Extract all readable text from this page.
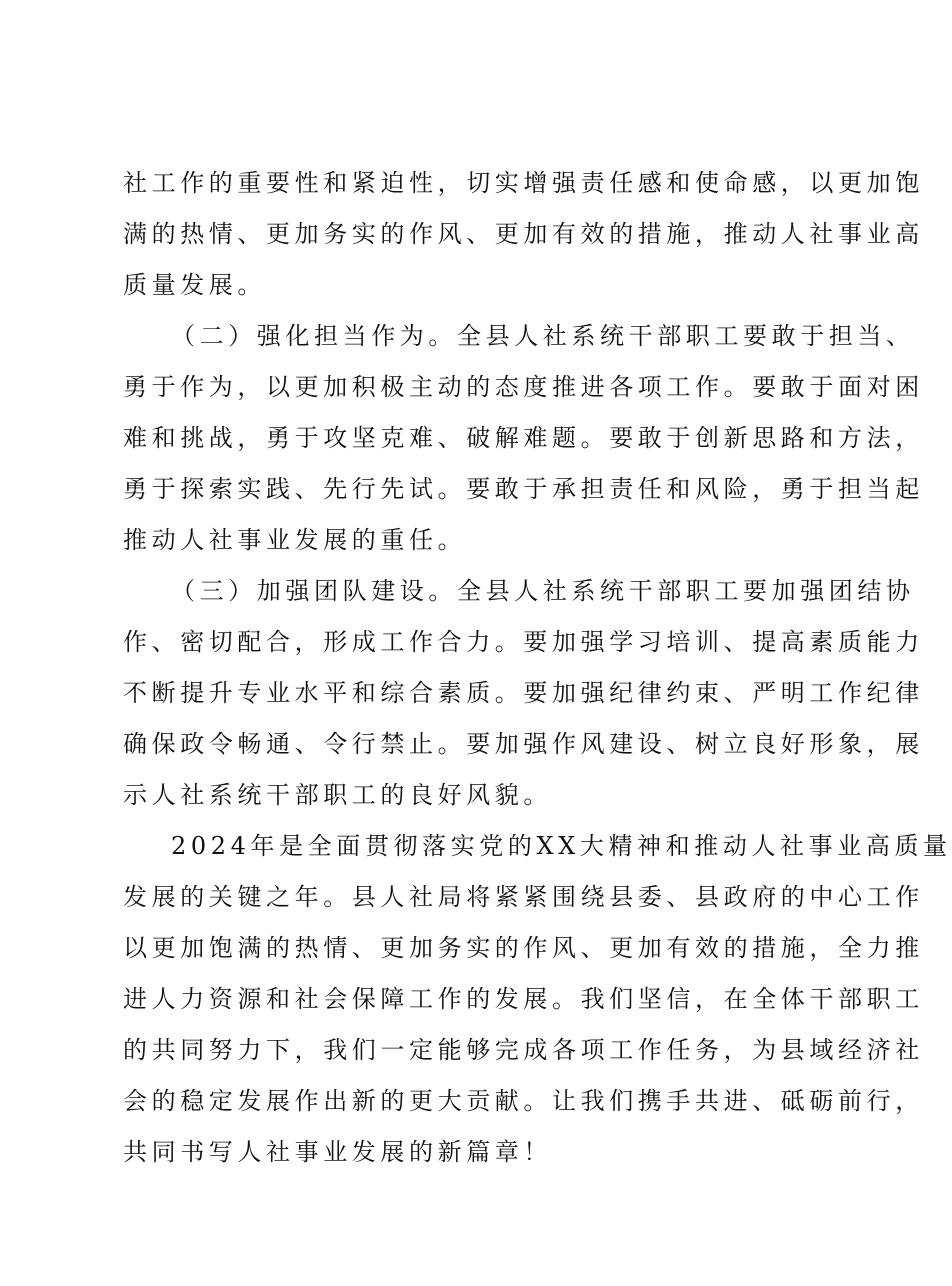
社工作的重要性和紧迫性，切实增强责任感和使命感，以更加饱
满的热情、更加务实的作风、更加有效的措施，推动人社事业高
质量发展。
（二）强化担当作为。全县人社系统干部职工要敢于担当、
勇于作为，以更加积极主动的态度推进各项工作。要敢于面对困
难和挑战，勇于攻坚克难、破解难题。要敢于创新思路和方法，
勇于探索实践、先行先试。要敢于承担责任和风险，勇于担当起
推动人社事业发展的重任。
（三）加强团队建设。全县人社系统干部职工要加强团结协
作、密切配合，形成工作合力。要加强学习培训、提高素质能力
不断提升专业水平和综合素质。要加强纪律约束、严明工作纪律
确保政令畅通、令行禁止。要加强作风建设、树立良好形象，展
示人社系统干部职工的良好风貌。
2024年是全面贯彻落实党的XX大精神和推动人社事业高质量
发展的关键之年。县人社局将紧紧围绕县委、县政府的中心工作
以更加饱满的热情、更加务实的作风、更加有效的措施，全力推
进人力资源和社会保障工作的发展。我们坚信，在全体干部职工
的共同努力下，我们一定能够完成各项工作任务，为县域经济社
会的稳定发展作出新的更大贡献。让我们携手共进、砥砺前行，
共同书写人社事业发展的新篇章！
